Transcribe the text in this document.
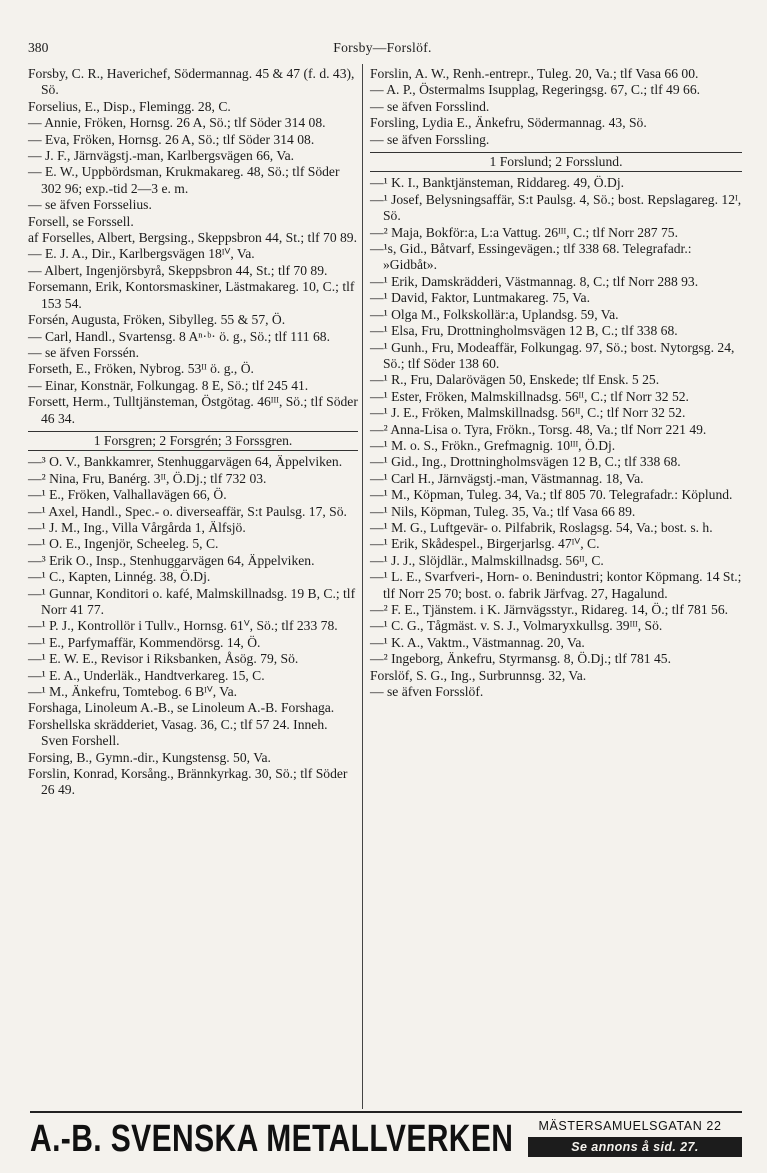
380	Forsby—Forslöf.

Forsby, C. R., Haverichef, Södermannag. 45 & 47 (f. d. 43), Sö.

Forselius, E., Disp., Flemingg. 28, C.

— Annie, Fröken, Hornsg. 26 A, Sö.; tlf Söder 314 08.

— Eva, Fröken, Hornsg. 26 A, Sö.; tlf Söder 314 08.

— J. F., Järnvägstj.-man, Karlbergsvägen 66, Va.

— E. W., Uppbördsman, Krukmakareg. 48, Sö.; tlf Söder 302 96; exp.-tid 2—3 e. m.

— se äfven Forsselius.

Forsell, se Forssell.

af Forselles, Albert, Bergsing., Skeppsbron 44, St.; tlf 70 89.

— E. J. A., Dir., Karlbergsvägen 18ᴵⱽ, Va.

— Albert, Ingenjörsbyrå, Skeppsbron 44, St.; tlf 70 89.

Forsemann, Erik, Kontorsmaskiner, Lästmakareg. 10, C.; tlf 153 54.

Forsén, Augusta, Fröken, Sibylleg. 55 & 57, Ö.

— Carl, Handl., Svartensg. 8 Aⁿ·ᵇ· ö. g., Sö.; tlf 111 68.

— se äfven Forssén.

Forseth, E., Fröken, Nybrog. 53ᴵᴵ ö. g., Ö.

— Einar, Konstnär, Folkungag. 8 E, Sö.; tlf 245 41.

Forsett, Herm., Tulltjänsteman, Östgötag. 46ᴵᴵᴵ, Sö.; tlf Söder 46 34.

1 Forsgren; 2 Forsgrén; 3 Forssgren.

—³ O. V., Bankkamrer, Stenhuggarvägen 64, Äppelviken.

—² Nina, Fru, Banérg. 3ᴵᴵ, Ö.Dj.; tlf 732 03.

—¹ E., Fröken, Valhallavägen 66, Ö.

—¹ Axel, Handl., Spec.- o. diverseaffär, S:t Paulsg. 17, Sö.

—¹ J. M., Ing., Villa Vårgårda 1, Älfsjö.

—¹ O. E., Ingenjör, Scheeleg. 5, C.

—³ Erik O., Insp., Stenhuggarvägen 64, Äppelviken.

—¹ C., Kapten, Linnég. 38, Ö.Dj.

—¹ Gunnar, Konditori o. kafé, Malmskillnadsg. 19 B, C.; tlf Norr 41 77.

—¹ P. J., Kontrollör i Tullv., Hornsg. 61ⱽ, Sö.; tlf 233 78.

—¹ E., Parfymaffär, Kommendörsg. 14, Ö.

—¹ E. W. E., Revisor i Riksbanken, Åsög. 79, Sö.

—¹ E. A., Underläk., Handtverkareg. 15, C.

—¹ M., Änkefru, Tomtebog. 6 Bᴵⱽ, Va.

Forshaga, Linoleum A.-B., se Linoleum A.-B. Forshaga.

Forshellska skrädderiet, Vasag. 36, C.; tlf 57 24. Inneh. Sven Forshell.

Forsing, B., Gymn.-dir., Kungstensg. 50, Va.

Forslin, Konrad, Korsång., Brännkyrkag. 30, Sö.; tlf Söder 26 49.

Forslin, A. W., Renh.-entrepr., Tuleg. 20, Va.; tlf Vasa 66 00.

— A. P., Östermalms Isupplag, Regeringsg. 67, C.; tlf 49 66.

— se äfven Forsslind.

Forsling, Lydia E., Änkefru, Södermannag. 43, Sö.

— se äfven Forssling.

1 Forslund; 2 Forsslund.

—¹ K. I., Banktjänsteman, Riddareg. 49, Ö.Dj.

—¹ Josef, Belysningsaffär, S:t Paulsg. 4, Sö.; bost. Repslagareg. 12ᴵ, Sö.

—² Maja, Bokför:a, L:a Vattug. 26ᴵᴵᴵ, C.; tlf Norr 287 75.

—¹s, Gid., Båtvarf, Essingevägen.; tlf 338 68. Telegrafadr.: »Gidbåt».

—¹ Erik, Damskrädderi, Västmannag. 8, C.; tlf Norr 288 93.

—¹ David, Faktor, Luntmakareg. 75, Va.

—¹ Olga M., Folkskollär:a, Uplandsg. 59, Va.

—¹ Elsa, Fru, Drottningholmsvägen 12 B, C.; tlf 338 68.

—¹ Gunh., Fru, Modeaffär, Folkungag. 97, Sö.; bost. Nytorgsg. 24, Sö.; tlf Söder 138 60.

—¹ R., Fru, Dalarövägen 50, Enskede; tlf Ensk. 5 25.

—¹ Ester, Fröken, Malmskillnadsg. 56ᴵᴵ, C.; tlf Norr 32 52.

—¹ J. E., Fröken, Malmskillnadsg. 56ᴵᴵ, C.; tlf Norr 32 52.

—² Anna-Lisa o. Tyra, Frökn., Torsg. 48, Va.; tlf Norr 221 49.

—¹ M. o. S., Frökn., Grefmagnig. 10ᴵᴵᴵ, Ö.Dj.

—¹ Gid., Ing., Drottningholmsvägen 12 B, C.; tlf 338 68.

—¹ Carl H., Järnvägstj.-man, Västmannag. 18, Va.

—¹ M., Köpman, Tuleg. 34, Va.; tlf 805 70. Telegrafadr.: Köplund.

—¹ Nils, Köpman, Tuleg. 35, Va.; tlf Vasa 66 89.

—¹ M. G., Luftgevär- o. Pilfabrik, Roslagsg. 54, Va.; bost. s. h.

—¹ Erik, Skådespel., Birgerjarlsg. 47ᴵⱽ, C.

—¹ J. J., Slöjdlär., Malmskillnadsg. 56ᴵᴵ, C.

—¹ L. E., Svarfveri-, Horn- o. Benindustri; kontor Köpmang. 14 St.; tlf Norr 25 70; bost. o. fabrik Järfvag. 27, Hagalund.

—² F. E., Tjänstem. i K. Järnvägsstyr., Ridareg. 14, Ö.; tlf 781 56.

—¹ C. G., Tågmäst. v. S. J., Volmaryxkullsg. 39ᴵᴵᴵ, Sö.

—¹ K. A., Vaktm., Västmannag. 20, Va.

—² Ingeborg, Änkefru, Styrmansg. 8, Ö.Dj.; tlf 781 45.

Forslöf, S. G., Ing., Surbrunnsg. 32, Va.

— se äfven Forsslöf.

A.-B. SVENSKA METALLVERKEN	MÄSTERSAMUELSGATAN 22
Se annons å sid. 27.
